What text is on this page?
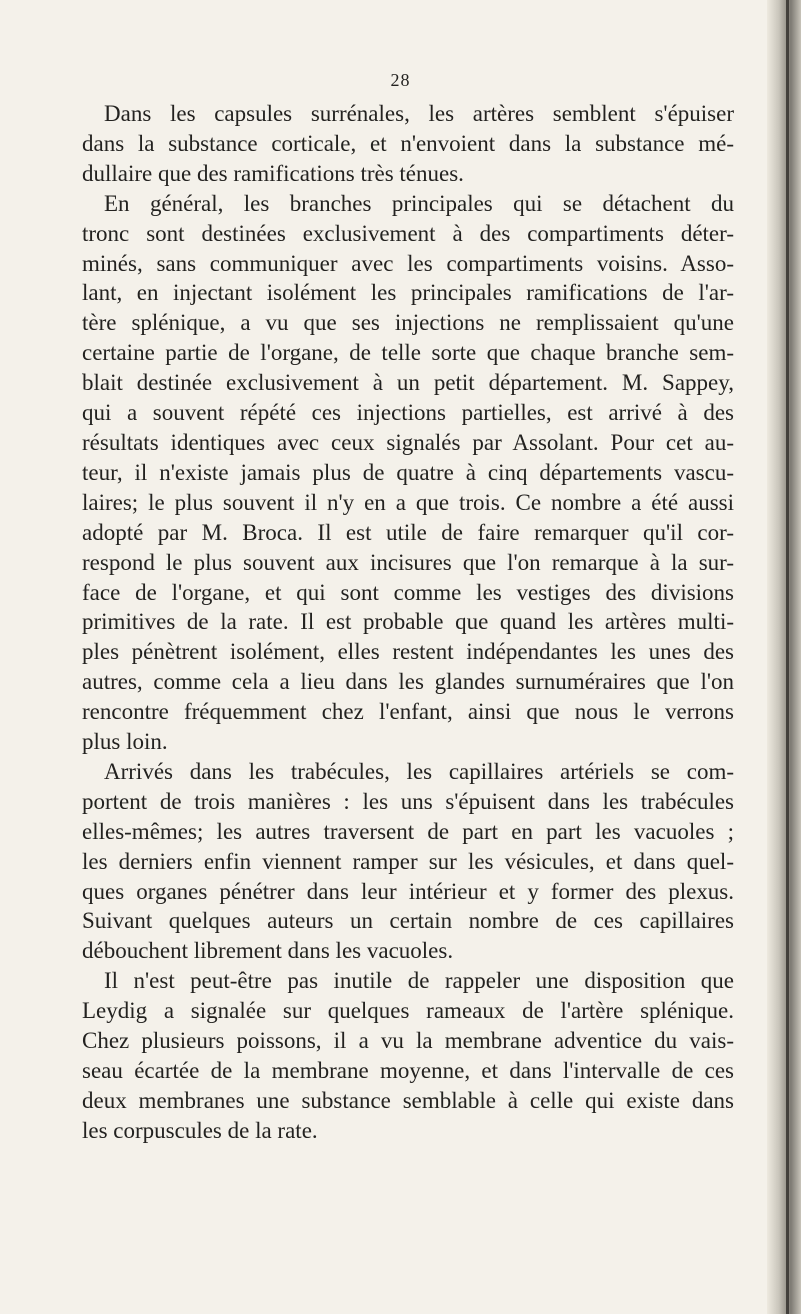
28
Dans les capsules surrénales, les artères semblent s'épuiser
dans la substance corticale, et n'envoient dans la substance mé-
dullaire que des ramifications très ténues.
En général, les branches principales qui se détachent du
tronc sont destinées exclusivement à des compartiments déter-
minés, sans communiquer avec les compartiments voisins. Asso-
lant, en injectant isolément les principales ramifications de l'ar-
tère splénique, a vu que ses injections ne remplissaient qu'une
certaine partie de l'organe, de telle sorte que chaque branche sem-
blait destinée exclusivement à un petit département. M. Sappey,
qui a souvent répété ces injections partielles, est arrivé à des
résultats identiques avec ceux signalés par Assolant. Pour cet au-
teur, il n'existe jamais plus de quatre à cinq départements vascu-
laires; le plus souvent il n'y en a que trois. Ce nombre a été aussi
adopté par M. Broca. Il est utile de faire remarquer qu'il cor-
respond le plus souvent aux incisures que l'on remarque à la sur-
face de l'organe, et qui sont comme les vestiges des divisions
primitives de la rate. Il est probable que quand les artères multi-
ples pénètrent isolément, elles restent indépendantes les unes des
autres, comme cela a lieu dans les glandes surnuméraires que l'on
rencontre fréquemment chez l'enfant, ainsi que nous le verrons
plus loin.
Arrivés dans les trabécules, les capillaires artériels se com-
portent de trois manières : les uns s'épuisent dans les trabécules
elles-mêmes; les autres traversent de part en part les vacuoles ;
les derniers enfin viennent ramper sur les vésicules, et dans quel-
ques organes pénétrer dans leur intérieur et y former des plexus.
Suivant quelques auteurs un certain nombre de ces capillaires
débouchent librement dans les vacuoles.
Il n'est peut-être pas inutile de rappeler une disposition que
Leydig a signalée sur quelques rameaux de l'artère splénique.
Chez plusieurs poissons, il a vu la membrane adventice du vais-
seau écartée de la membrane moyenne, et dans l'intervalle de ces
deux membranes une substance semblable à celle qui existe dans
les corpuscules de la rate.
